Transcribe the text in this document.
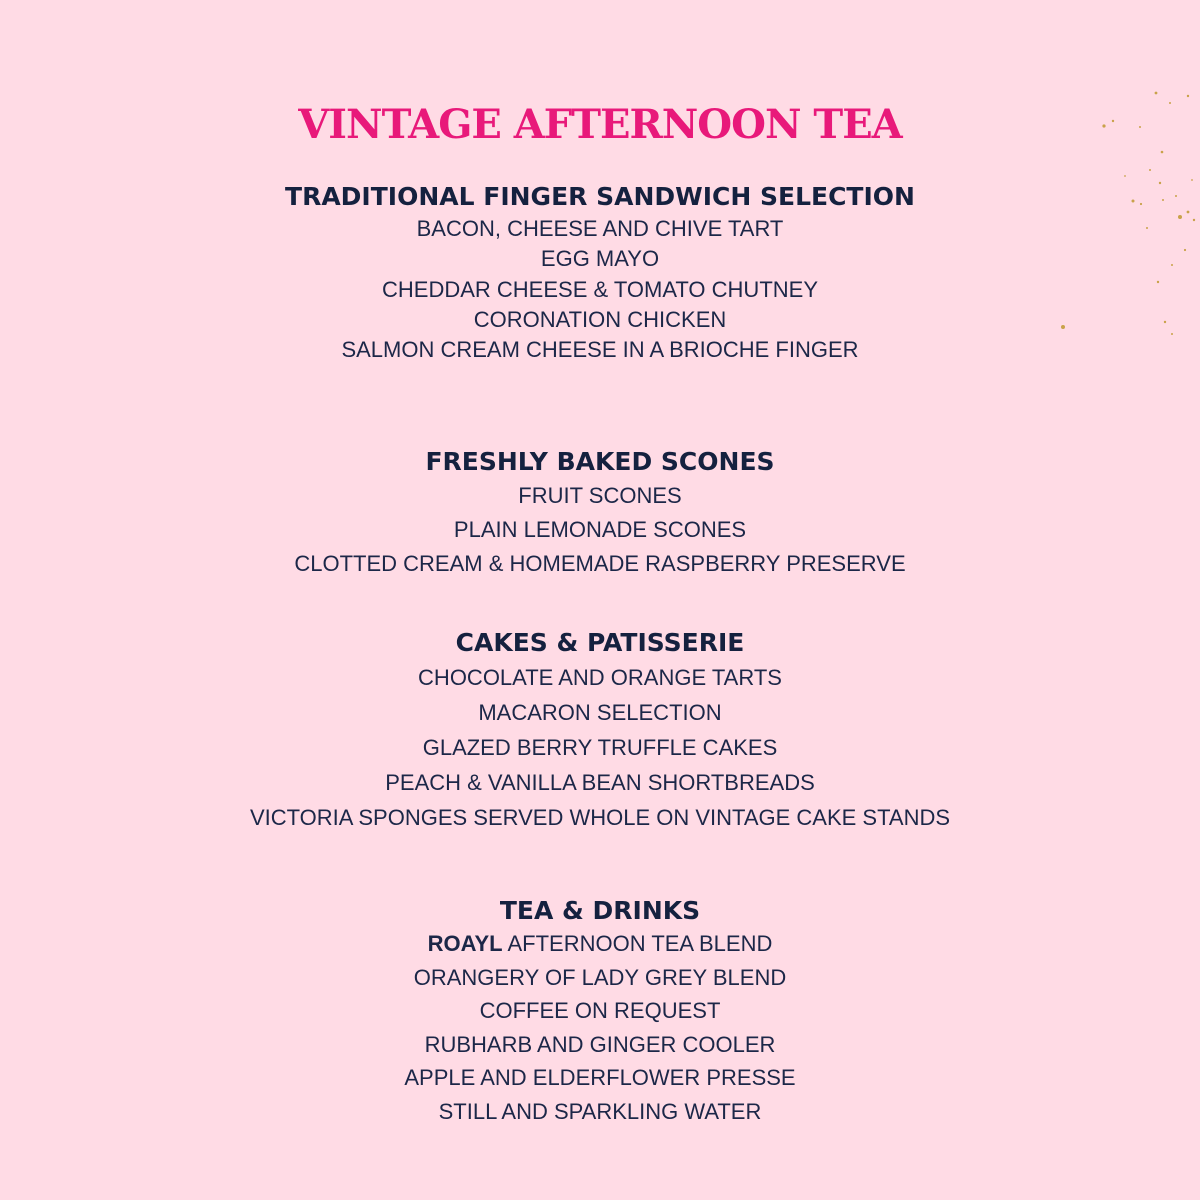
VINTAGE AFTERNOON TEA
TRADITIONAL FINGER SANDWICH SELECTION
BACON, CHEESE AND CHIVE TART
EGG MAYO
CHEDDAR CHEESE & TOMATO CHUTNEY
CORONATION CHICKEN
SALMON CREAM CHEESE IN A BRIOCHE FINGER
FRESHLY BAKED SCONES
FRUIT SCONES
PLAIN LEMONADE SCONES
CLOTTED CREAM & HOMEMADE RASPBERRY PRESERVE
CAKES & PATISSERIE
CHOCOLATE AND ORANGE TARTS
MACARON SELECTION
GLAZED BERRY TRUFFLE CAKES
PEACH & VANILLA BEAN SHORTBREADS
VICTORIA SPONGES SERVED WHOLE ON VINTAGE CAKE STANDS
TEA & DRINKS
ROAYL AFTERNOON TEA BLEND
ORANGERY OF LADY GREY BLEND
COFFEE ON REQUEST
RUBHARB AND GINGER COOLER
APPLE AND ELDERFLOWER PRESSE
STILL AND SPARKLING WATER
